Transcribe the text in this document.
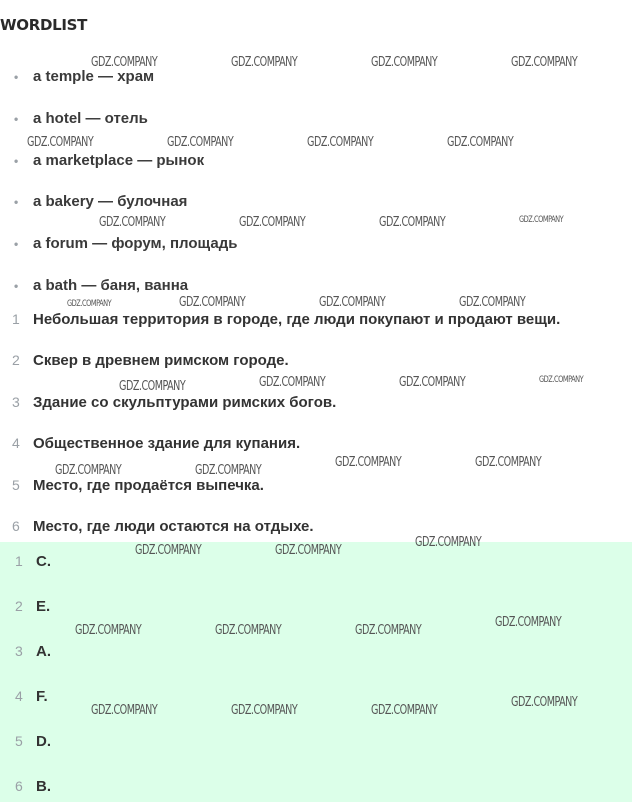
WORDLIST
• a temple — храм
• a hotel — отель
• a marketplace — рынок
• a bakery — булочная
• a forum — форум, площадь
• a bath — баня, ванна
1 Небольшая территория в городе, где люди покупают и продают вещи.
2 Сквер в древнем римском городе.
3 Здание со скульптурами римских богов.
4 Общественное здание для купания.
5 Место, где продаётся выпечка.
6 Место, где люди остаются на отдыхе.
1 C.
2 E.
3 A.
4 F.
5 D.
6 B.
GDZ.COMPANY	GDZ.COMPANY	GDZ.COMPANY	GDZ.COMPANY
GDZ.COMPANY	GDZ.COMPANY	GDZ.COMPANY	GDZ.COMPANY
GDZ.COMPANY	GDZ.COMPANY	GDZ.COMPANY	GDZ.COMPANY
GDZ.COMPANY	GDZ.COMPANY	GDZ.COMPANY	GDZ.COMPANY
GDZ.COMPANY	GDZ.COMPANY	GDZ.COMPANY	GDZ.COMPANY
GDZ.COMPANY	GDZ.COMPANY
GDZ.COMPANY	GDZ.COMPANY
GDZ.COMPANY	GDZ.COMPANY
GDZ.COMPANY
GDZ.COMPANY	GDZ.COMPANY	GDZ.COMPANY
GDZ.COMPANY
GDZ.COMPANY	GDZ.COMPANY	GDZ.COMPANY
GDZ.COMPANY
